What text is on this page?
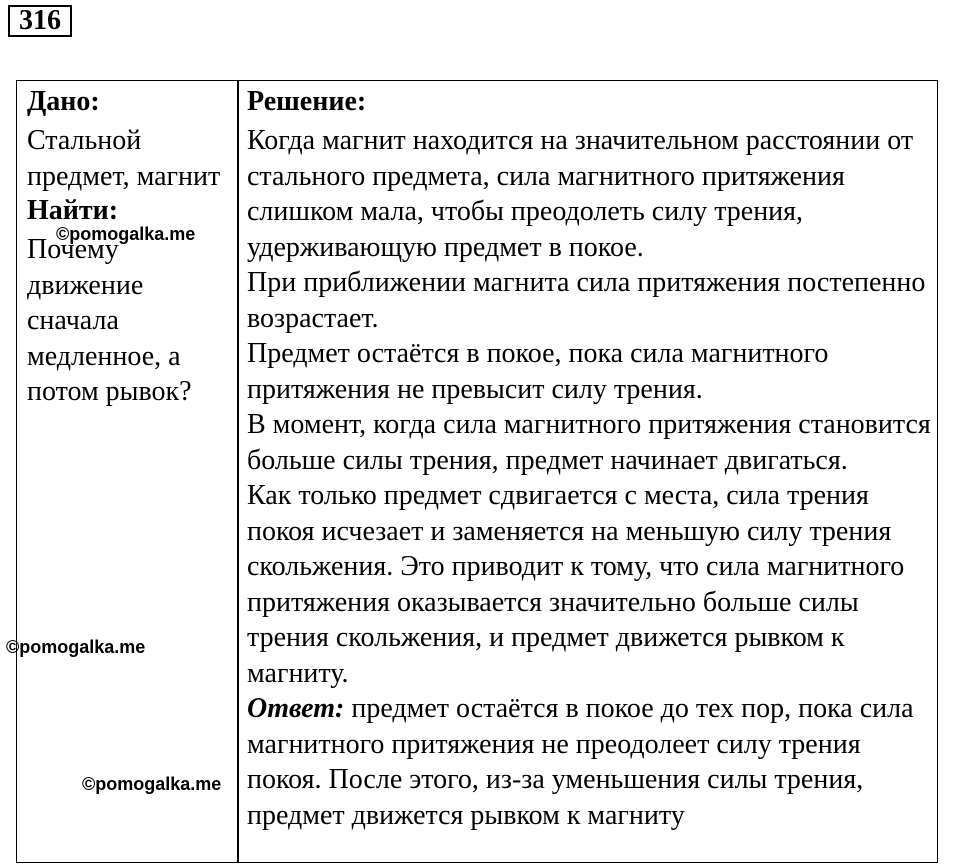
316

Дано:

Стальной предмет, магнит

Найти:

Почему движение сначала медленное, а потом рывок?

Решение:

Когда магнит находится на значительном расстоянии от стального предмета, сила магнитного притяжения слишком мала, чтобы преодолеть силу трения, удерживающую предмет в покое.

При приближении магнита сила притяжения постепенно возрастает.

Предмет остаётся в покое, пока сила магнитного притяжения не превысит силу трения.

В момент, когда сила магнитного притяжения становится больше силы трения, предмет начинает двигаться.

Как только предмет сдвигается с места, сила трения покоя исчезает и заменяется на меньшую силу трения скольжения. Это приводит к тому, что сила магнитного притяжения оказывается значительно больше силы трения скольжения, и предмет движется рывком к магниту.

Ответ: предмет остаётся в покое до тех пор, пока сила магнитного притяжения не преодолеет силу трения покоя. После этого, из-за уменьшения силы трения, предмет движется рывком к магниту

©pomogalka.me
©pomogalka.me
©pomogalka.me
